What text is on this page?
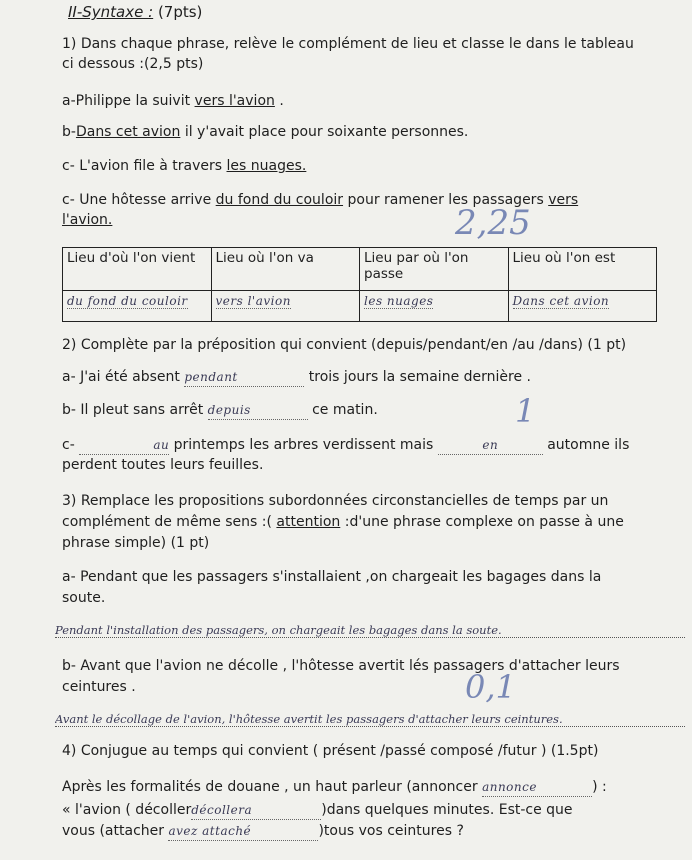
II-Syntaxe : (7pts)
1) Dans chaque phrase, relève le complément de lieu et classe le dans le tableau
ci dessous :(2,5 pts)
a-Philippe la suivit vers l'avion .
b-Dans cet avion il y'avait place pour soixante personnes.
c- L'avion file à travers les nuages.
c- Une hôtesse arrive du fond du couloir pour ramener les passagers vers
l'avion.	2,25
Lieu d'où l'on vient	Lieu où l'on va	Lieu par où l'on passe	Lieu où l'on est
du fond du couloir	vers l'avion	les nuages	Dans cet avion
2) Complète par la préposition qui convient (depuis/pendant/en /au /dans) (1 pt)
a- J'ai été absent pendant	trois jours la semaine dernière .
b- Il pleut sans arrêt depuis	ce matin.	1
c-	au printemps les arbres verdissent mais	en	automne ils
perdent toutes leurs feuilles.
3) Remplace les propositions subordonnées circonstancielles de temps par un
complément de même sens :( attention :d'une phrase complexe on passe à une
phrase simple) (1 pt)
a- Pendant que les passagers s'installaient ,on chargeait les bagages dans la
soute.
Pendant l'installation des passagers, on chargeait les bagages dans la soute.
b- Avant que l'avion ne décolle , l'hôtesse avertit lés passagers d'attacher leurs
ceintures .	0,1
Avant le décollage de l'avion, l'hôtesse avertit les passagers d'attacher leurs ceintures.
4) Conjugue au temps qui convient ( présent /passé composé /futur ) (1.5pt)
Après les formalités de douane , un haut parleur (annoncer annonce	) :
« l'avion ( décollerdécollera	)dans quelques minutes. Est-ce que
vous (attacher avez attaché	)tous vos ceintures ?
